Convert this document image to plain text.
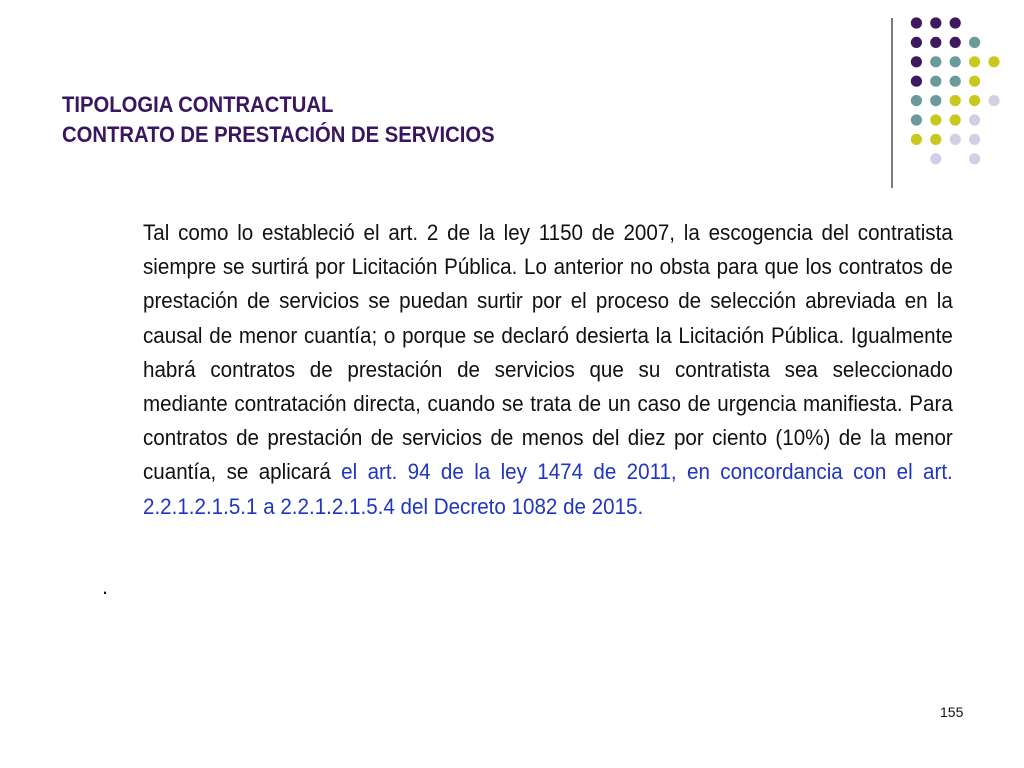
TIPOLOGIA CONTRACTUAL
CONTRATO DE PRESTACIÓN DE SERVICIOS
Tal como lo estableció el art. 2 de la ley 1150 de 2007, la escogencia del contratista siempre se surtirá por Licitación Pública. Lo anterior no obsta para que los contratos de prestación de servicios se puedan surtir por el proceso de selección abreviada en la causal de menor cuantía; o porque se declaró desierta la Licitación Pública. Igualmente habrá contratos de prestación de servicios que su contratista sea seleccionado mediante contratación directa, cuando se trata de un caso de urgencia manifiesta. Para contratos de prestación de servicios de menos del diez por ciento (10%) de la menor cuantía, se aplicará el art. 94 de la ley 1474 de 2011, en concordancia con el art. 2.2.1.2.1.5.1 a 2.2.1.2.1.5.4 del Decreto 1082 de 2015.
.
155
